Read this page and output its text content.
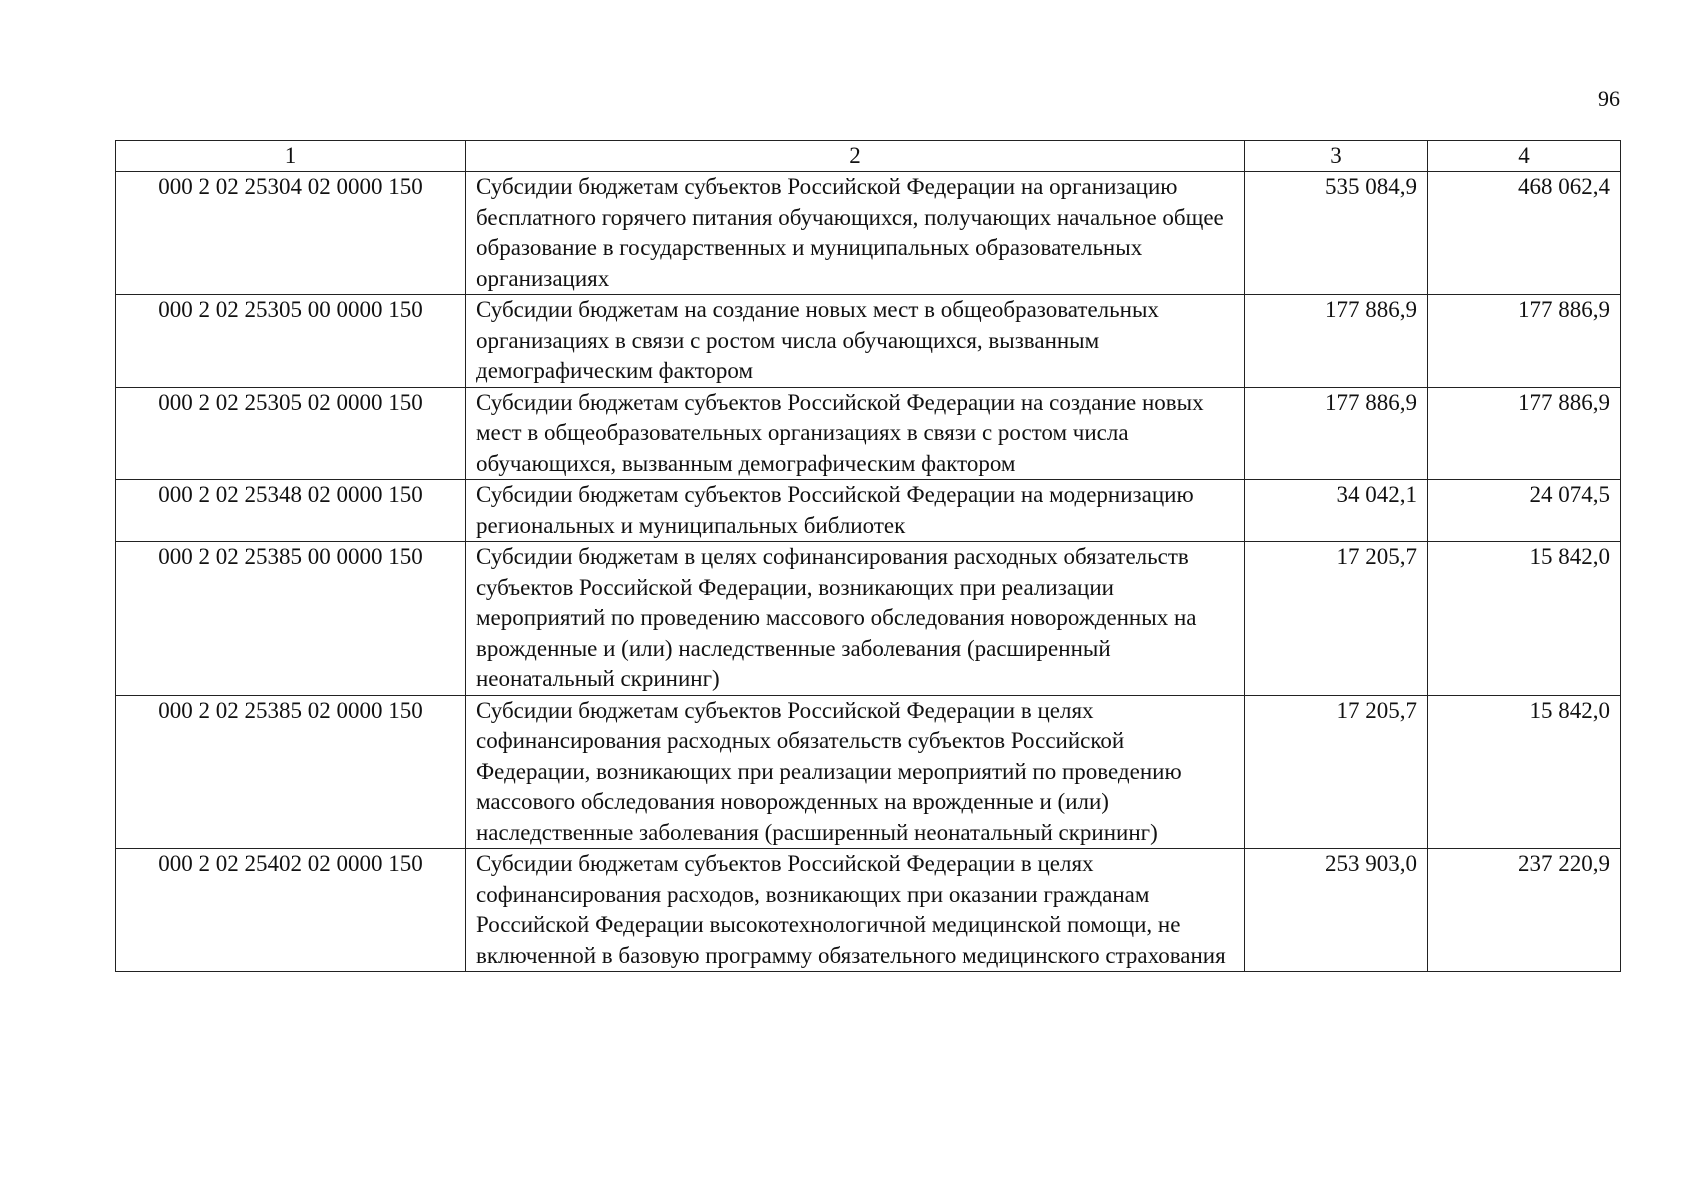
96
1	2	3	4
000 2 02 25304 02 0000 150	Субсидии бюджетам субъектов Российской Федерации на организацию бесплатного горячего питания обучающихся, получающих начальное общее образование в государственных и муниципальных образовательных организациях	535 084,9	468 062,4
000 2 02 25305 00 0000 150	Субсидии бюджетам на создание новых мест в общеобразовательных организациях в связи с ростом числа обучающихся, вызванным демографическим фактором	177 886,9	177 886,9
000 2 02 25305 02 0000 150	Субсидии бюджетам субъектов Российской Федерации на создание новых мест в общеобразовательных организациях в связи с ростом числа обучающихся, вызванным демографическим фактором	177 886,9	177 886,9
000 2 02 25348 02 0000 150	Субсидии бюджетам субъектов Российской Федерации на модернизацию региональных и муниципальных библиотек	34 042,1	24 074,5
000 2 02 25385 00 0000 150	Субсидии бюджетам в целях софинансирования расходных обязательств субъектов Российской Федерации, возникающих при реализации мероприятий по проведению массового обследования новорожденных на врожденные и (или) наследственные заболевания (расширенный неонатальный скрининг)	17 205,7	15 842,0
000 2 02 25385 02 0000 150	Субсидии бюджетам субъектов Российской Федерации в целях софинансирования расходных обязательств субъектов Российской Федерации, возникающих при реализации мероприятий по проведению массового обследования новорожденных на врожденные и (или) наследственные заболевания (расширенный неонатальный скрининг)	17 205,7	15 842,0
000 2 02 25402 02 0000 150	Субсидии бюджетам субъектов Российской Федерации в целях софинансирования расходов, возникающих при оказании гражданам Российской Федерации высокотехнологичной медицинской помощи, не включенной в базовую программу обязательного медицинского страхования	253 903,0	237 220,9
